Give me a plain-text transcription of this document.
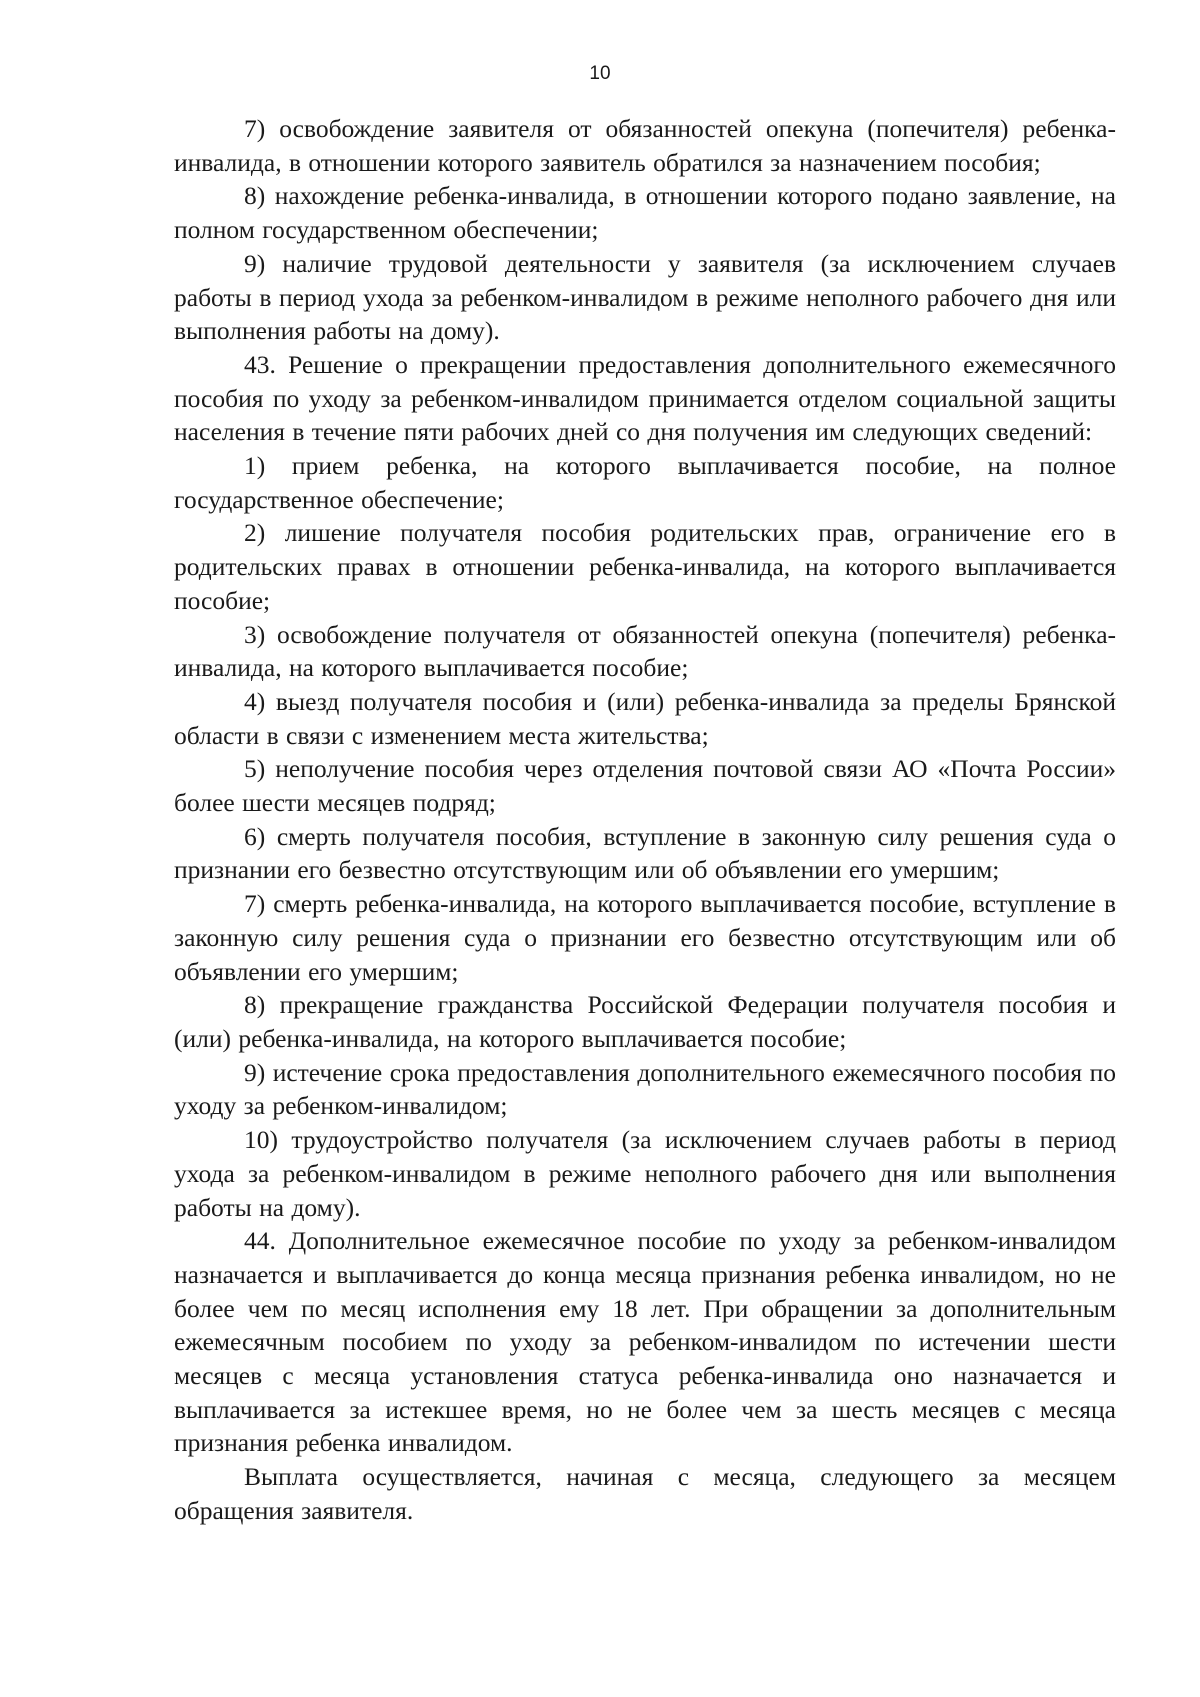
10

7) освобождение заявителя от обязанностей опекуна (попечителя) ребенка-инвалида, в отношении которого заявитель обратился за назначением пособия;

8) нахождение ребенка-инвалида, в отношении которого подано заявление, на полном государственном обеспечении;

9) наличие трудовой деятельности у заявителя (за исключением случаев работы в период ухода за ребенком-инвалидом в режиме неполного рабочего дня или выполнения работы на дому).

43. Решение о прекращении предоставления дополнительного ежемесячного пособия по уходу за ребенком-инвалидом принимается отделом социальной защиты населения в течение пяти рабочих дней со дня получения им следующих сведений:

1) прием ребенка, на которого выплачивается пособие, на полное государственное обеспечение;

2) лишение получателя пособия родительских прав, ограничение его в родительских правах в отношении ребенка-инвалида, на которого выплачивается пособие;

3) освобождение получателя от обязанностей опекуна (попечителя) ребенка-инвалида, на которого выплачивается пособие;

4) выезд получателя пособия и (или) ребенка-инвалида за пределы Брянской области в связи с изменением места жительства;

5) неполучение пособия через отделения почтовой связи АО «Почта России» более шести месяцев подряд;

6) смерть получателя пособия, вступление в законную силу решения суда о признании его безвестно отсутствующим или об объявлении его умершим;

7) смерть ребенка-инвалида, на которого выплачивается пособие, вступление в законную силу решения суда о признании его безвестно отсутствующим или об объявлении его умершим;

8) прекращение гражданства Российской Федерации получателя пособия и (или) ребенка-инвалида, на которого выплачивается пособие;

9) истечение срока предоставления дополнительного ежемесячного пособия по уходу за ребенком-инвалидом;

10) трудоустройство получателя (за исключением случаев работы в период ухода за ребенком-инвалидом в режиме неполного рабочего дня или выполнения работы на дому).

44. Дополнительное ежемесячное пособие по уходу за ребенком-инвалидом назначается и выплачивается до конца месяца признания ребенка инвалидом, но не более чем по месяц исполнения ему 18 лет. При обращении за дополнительным ежемесячным пособием по уходу за ребенком-инвалидом по истечении шести месяцев с месяца установления статуса ребенка-инвалида оно назначается и выплачивается за истекшее время, но не более чем за шесть месяцев с месяца признания ребенка инвалидом.

Выплата осуществляется, начиная с месяца, следующего за месяцем обращения заявителя.
